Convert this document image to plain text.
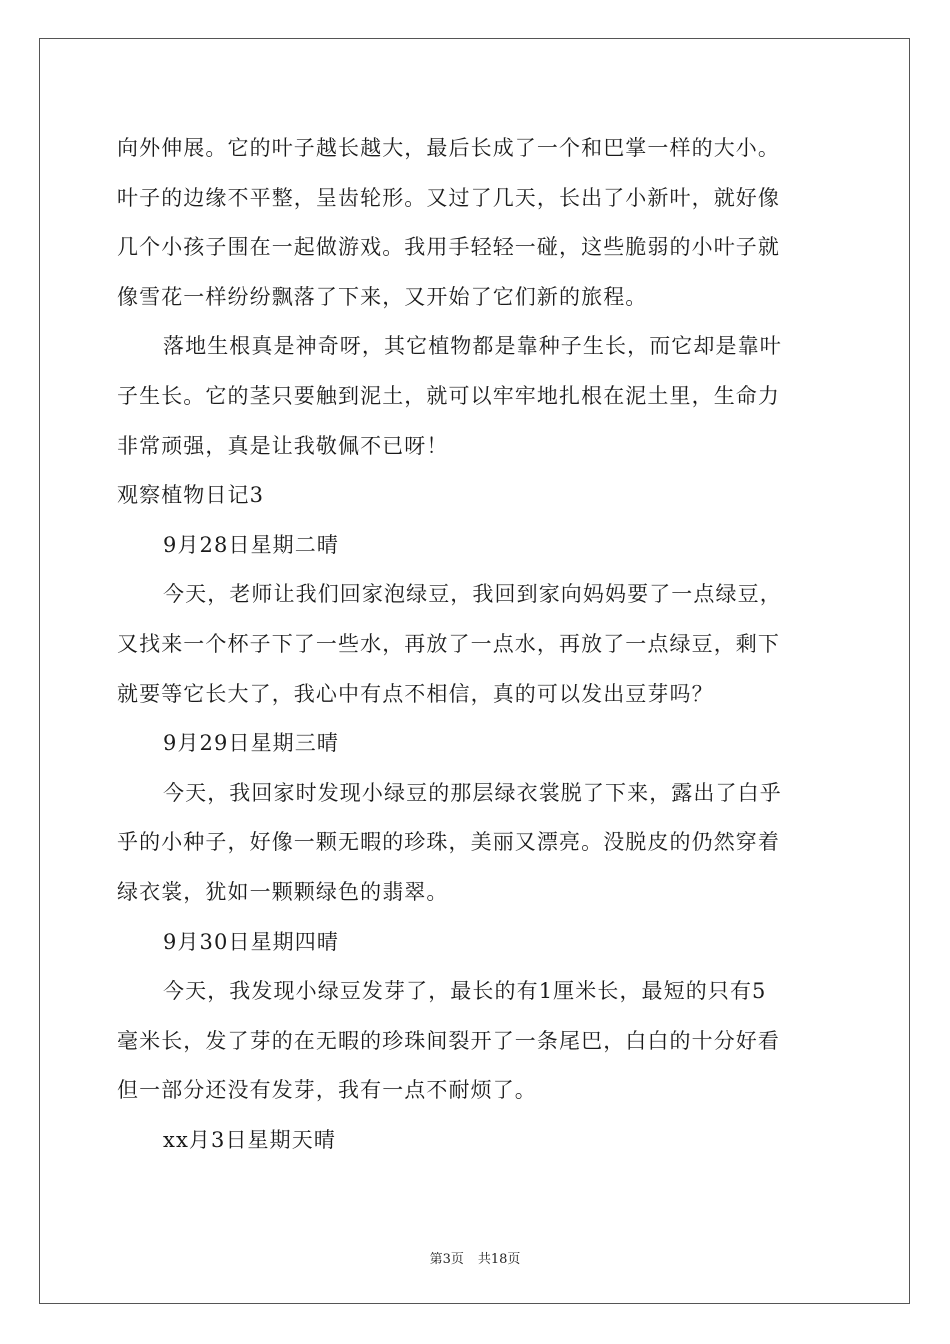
向外伸展。它的叶子越长越大，最后长成了一个和巴掌一样的大小。
叶子的边缘不平整，呈齿轮形。又过了几天，长出了小新叶，就好像
几个小孩子围在一起做游戏。我用手轻轻一碰，这些脆弱的小叶子就
像雪花一样纷纷飘落了下来，又开始了它们新的旅程。
落地生根真是神奇呀，其它植物都是靠种子生长，而它却是靠叶
子生长。它的茎只要触到泥土，就可以牢牢地扎根在泥土里，生命力
非常顽强，真是让我敬佩不已呀！
观察植物日记3
9月28日星期二晴
今天，老师让我们回家泡绿豆，我回到家向妈妈要了一点绿豆，
又找来一个杯子下了一些水，再放了一点水，再放了一点绿豆，剩下
就要等它长大了，我心中有点不相信，真的可以发出豆芽吗？
9月29日星期三晴
今天，我回家时发现小绿豆的那层绿衣裳脱了下来，露出了白乎
乎的小种子，好像一颗无暇的珍珠，美丽又漂亮。没脱皮的仍然穿着
绿衣裳，犹如一颗颗绿色的翡翠。
9月30日星期四晴
今天，我发现小绿豆发芽了，最长的有1厘米长，最短的只有5
毫米长，发了芽的在无暇的珍珠间裂开了一条尾巴，白白的十分好看
但一部分还没有发芽，我有一点不耐烦了。
xx月3日星期天晴
第3页 共18页
